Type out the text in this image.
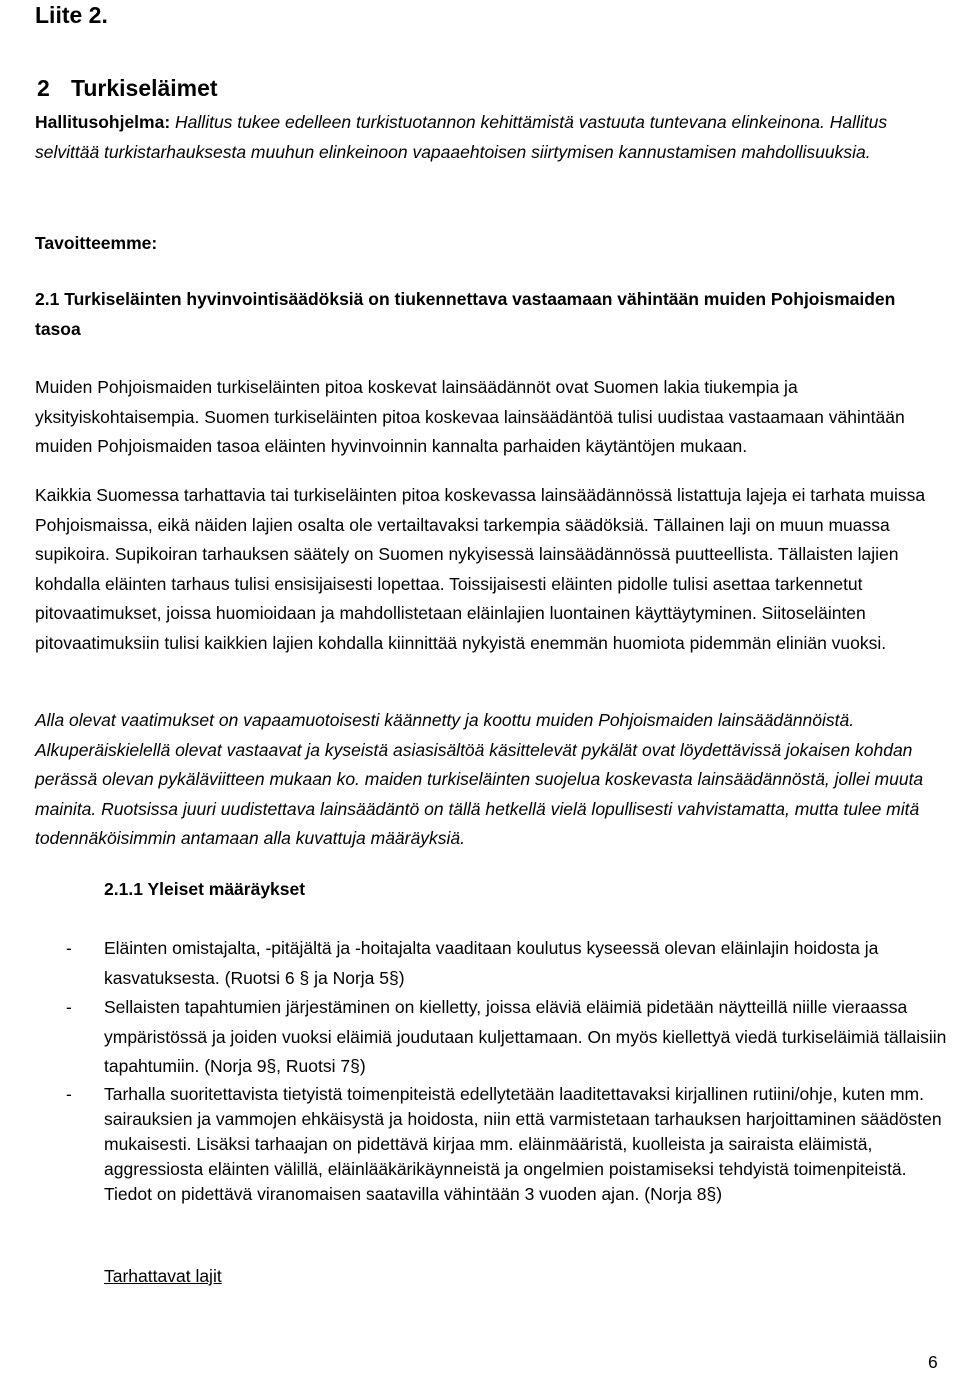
Liite 2.
2 Turkiseläimet
Hallitusohjelma: Hallitus tukee edelleen turkistuotannon kehittämistä vastuuta tuntevana elinkeinona. Hallitus selvittää turkistarhauksesta muuhun elinkeinoon vapaaehtoisen siirtymisen kannustamisen mahdollisuuksia.
Tavoitteemme:
2.1 Turkiseläinten hyvinvointisäädöksiä on tiukennettava vastaamaan vähintään muiden Pohjoismaiden tasoa

Muiden Pohjoismaiden turkiseläinten pitoa koskevat lainsäädännöt ovat Suomen lakia tiukempia ja yksityiskohtaisempia. Suomen turkiseläinten pitoa koskevaa lainsäädäntöä tulisi uudistaa vastaamaan vähintään muiden Pohjoismaiden tasoa eläinten hyvinvoinnin kannalta parhaiden käytäntöjen mukaan.

Kaikkia Suomessa tarhattavia tai turkiseläinten pitoa koskevassa lainsäädännössä listattuja lajeja ei tarhata muissa Pohjoismaissa, eikä näiden lajien osalta ole vertailtavaksi tarkempia säädöksiä. Tällainen laji on muun muassa supikoira. Supikoiran tarhauksen säätely on Suomen nykyisessä lainsäädännössä puutteellista. Tällaisten lajien kohdalla eläinten tarhaus tulisi ensisijaisesti lopettaa. Toissijaisesti eläinten pidolle tulisi asettaa tarkennetut pitovaatimukset, joissa huomioidaan ja mahdollistetaan eläinlajien luontainen käyttäytyminen. Siitoseläinten pitovaatimuksiin tulisi kaikkien lajien kohdalla kiinnittää nykyistä enemmän huomiota pidemmän eliniän vuoksi.

Alla olevat vaatimukset on vapaamuotoisesti käännetty ja koottu muiden Pohjoismaiden lainsäädännöistä. Alkuperäiskielellä olevat vastaavat ja kyseistä asiasisältöä käsittelevät pykälät ovat löydettävissä jokaisen kohdan perässä olevan pykäläviitteen mukaan ko. maiden turkiseläinten suojelua koskevasta lainsäädännöstä, jollei muuta mainita. Ruotsissa juuri uudistettava lainsäädäntö on tällä hetkellä vielä lopullisesti vahvistamatta, mutta tulee mitä todennäköisimmin antamaan alla kuvattuja määräyksiä.

2.1.1 Yleiset määräykset
- Eläinten omistajalta, -pitäjältä ja -hoitajalta vaaditaan koulutus kyseessä olevan eläinlajin hoidosta ja kasvatuksesta. (Ruotsi 6 § ja Norja 5§)
- Sellaisten tapahtumien järjestäminen on kielletty, joissa eläviä eläimiä pidetään näytteillä niille vieraassa ympäristössä ja joiden vuoksi eläimiä joudutaan kuljettamaan. On myös kiellettyä viedä turkiseläimiä tällaisiin tapahtumiin. (Norja 9§, Ruotsi 7§)
- Tarhalla suoritettavista tietyistä toimenpiteistä edellytetään laaditettavaksi kirjallinen rutiini/ohje, kuten mm. sairauksien ja vammojen ehkäisystä ja hoidosta, niin että varmistetaan tarhauksen harjoittaminen säädösten mukaisesti. Lisäksi tarhaajan on pidettävä kirjaa mm. eläinmääristä, kuolleista ja sairaista eläimistä, aggressiosta eläinten välillä, eläinlääkärikäynneistä ja ongelmien poistamiseksi tehdyistä toimenpiteistä. Tiedot on pidettävä viranomaisen saatavilla vähintään 3 vuoden ajan. (Norja 8§)
Tarhattavat lajit
6
